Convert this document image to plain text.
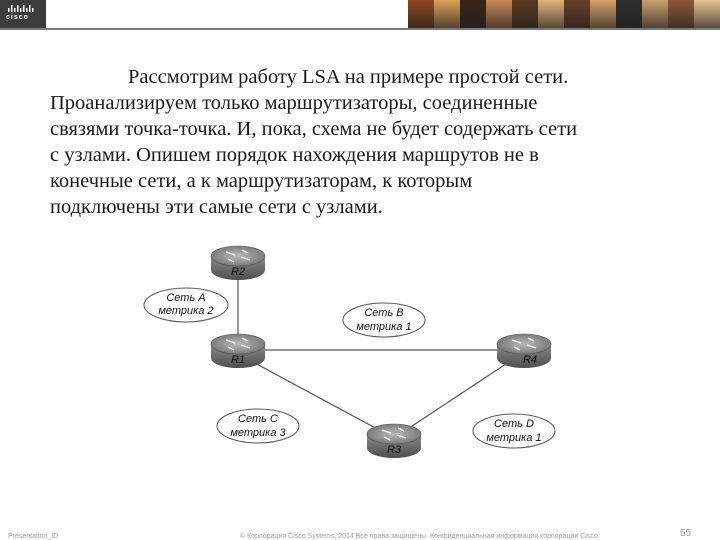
cisco
Рассмотрим работу LSA на примере простой сети.
Проанализируем только маршрутизаторы, соединенные
связями точка-точка. И, пока, схема не будет содержать сети
с узлами. Опишем порядок нахождения маршрутов не в
конечные сети, а к маршрутизаторам, к которым
подключены эти самые сети с узлами.
R2
R1	R4
R3
Сеть A
метрика 2	Сеть B
метрика 1
Сеть C
метрика 3
Сеть D
метрика 1
Presentation_ID	© Корпорация Cisco Systems, 2014 Все права защищены. Конфиденциальная информация корпорации Cisco	55
